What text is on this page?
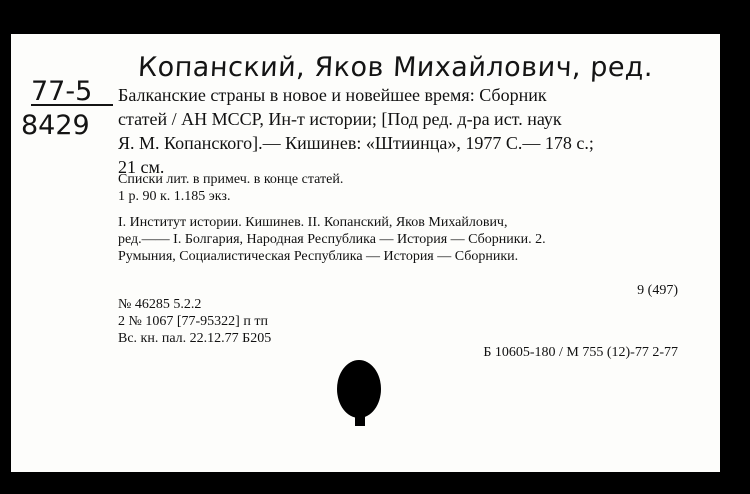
Копанский, Яков Михайлович, ред.
77-5
8429
Балканские страны в новое и новейшее время: Сборник
статей / АН МССР, Ин-т истории; [Под ред. д-ра ист. наук
Я. М. Копанского].— Кишинев: «Штиинца», 1977 С.— 178 с.;
21 см.
Списки лит. в примеч. в конце статей.
1 р. 90 к. 1.185 экз.
I. Институт истории. Кишинев. II. Копанский, Яков Михайлович,
ред.—— I. Болгария, Народная Республика — История — Сборники. 2.
Румыния, Социалистическая Республика — История — Сборники.
9 (497)
№ 46285 5.2.2
2 № 1067 [77-95322] п тп
Вс. кн. пал. 22.12.77 Б205
Б 10605-180 / М 755 (12)-77 2-77
